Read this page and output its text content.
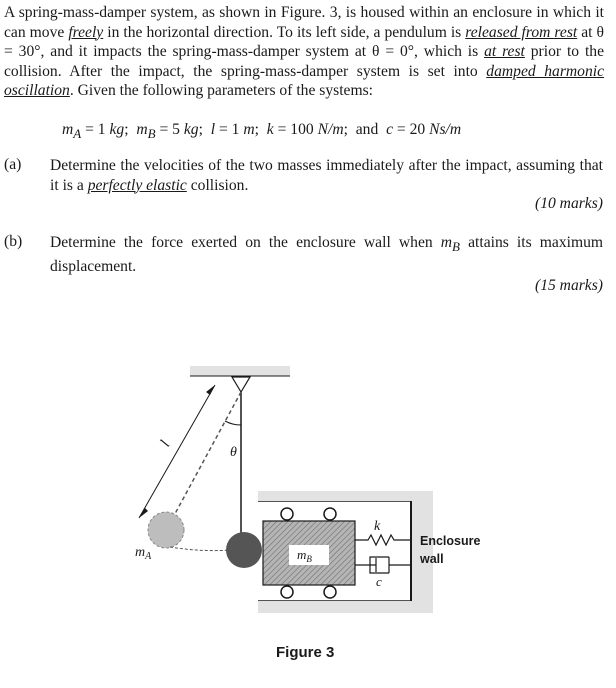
A spring-mass-damper system, as shown in Figure. 3, is housed within an enclosure in which it can move freely in the horizontal direction. To its left side, a pendulum is released from rest at θ = 30°, and it impacts the spring-mass-damper system at θ = 0°, which is at rest prior to the collision. After the impact, the spring-mass-damper system is set into damped harmonic oscillation. Given the following parameters of the systems:

$m_A = 1$ kg; $m_B = 5$ kg; l = 1 m; k = 100 N/m; and c = 20 Ns/m
(a) Determine the velocities of the two masses immediately after the impact, assuming that it is a perfectly elastic collision.

(10 marks)
(b) Determine the force exerted on the enclosure wall when $m_B$ attains its maximum displacement.

(15 marks)
l
θ
$m_A$	$m_B$
k
c
Enclosure
wall
Figure 3
